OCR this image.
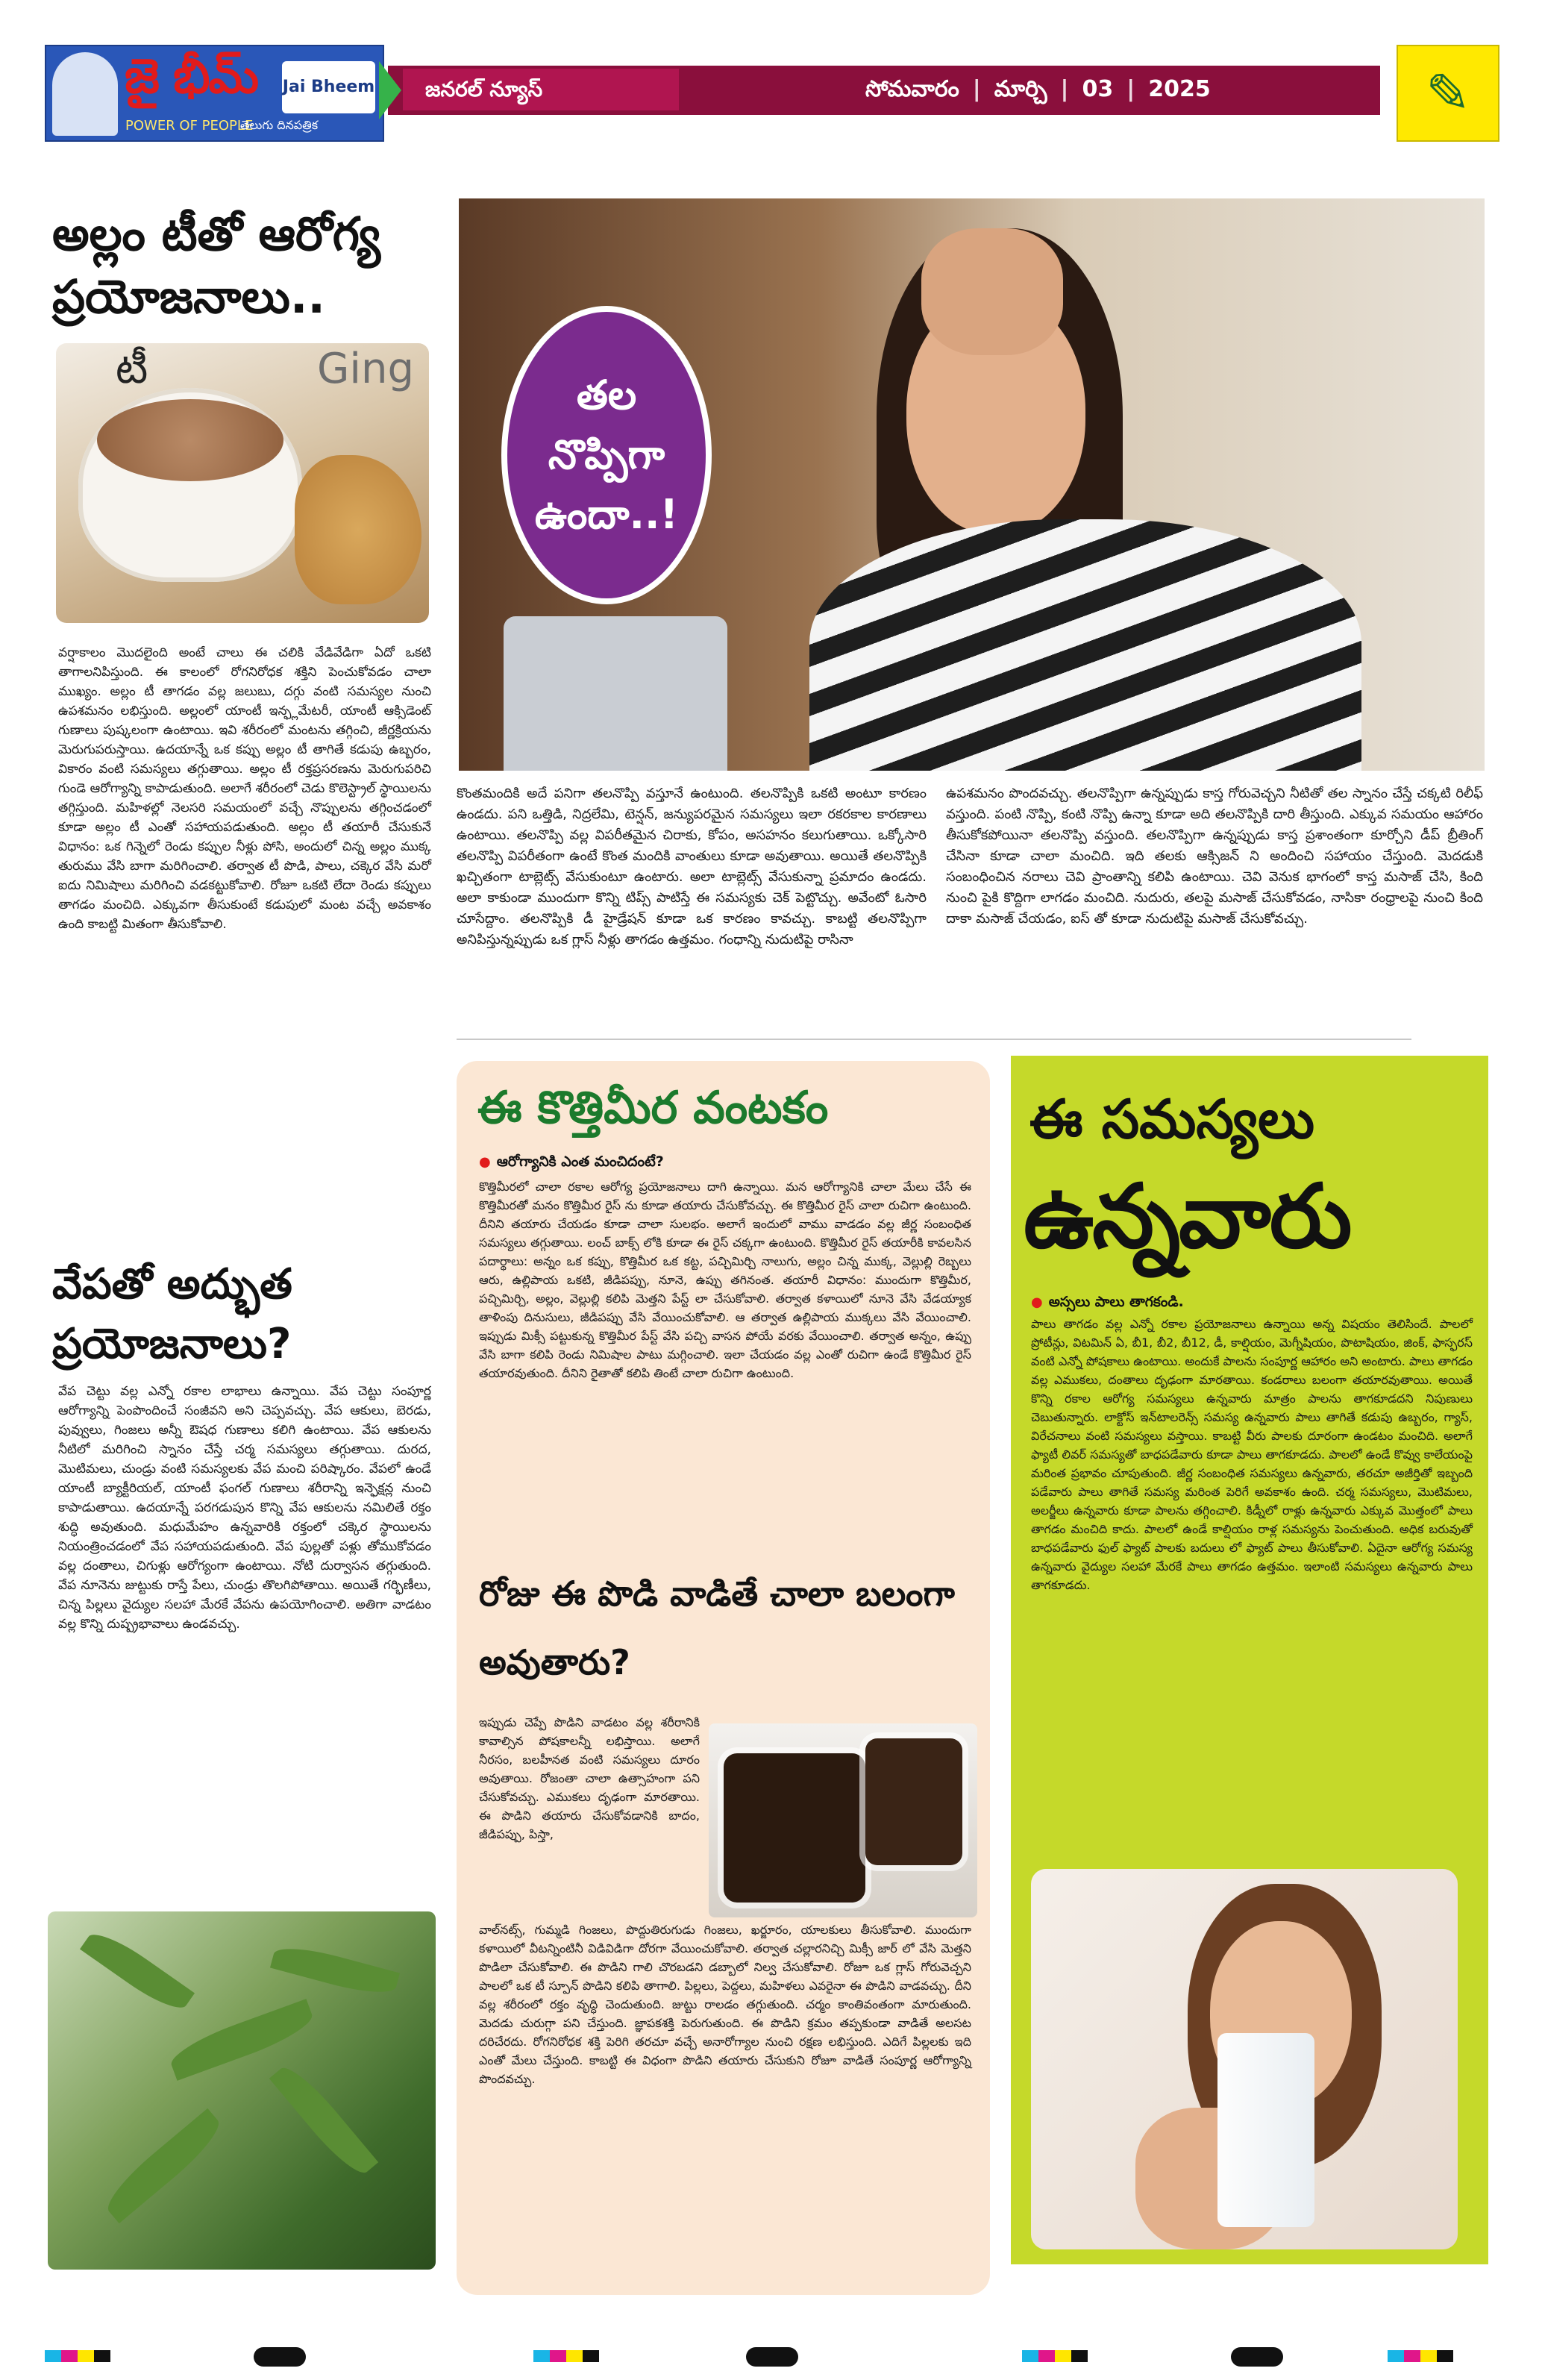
జై భీమ్
POWER OF PEOPLE
తెలుగు దినపత్రిక
Jai Bheem	జనరల్ న్యూస్	సోమవారం | మార్చి | 03 | 2025	✎
అల్లం టీతో ఆరోగ్య ప్రయోజనాలు..
టీ	Ging
వర్షాకాలం మొదలైంది అంటే చాలు ఈ చలికి వేడివేడిగా ఏదో ఒకటి తాగాలనిపిస్తుంది. ఈ కాలంలో రోగనిరోధక శక్తిని పెంచుకోవడం చాలా ముఖ్యం. అల్లం టీ తాగడం వల్ల జలుబు, దగ్గు వంటి సమస్యల నుంచి ఉపశమనం లభిస్తుంది. అల్లంలో యాంటీ ఇన్ఫ్లమేటరీ, యాంటీ ఆక్సిడెంట్ గుణాలు పుష్కలంగా ఉంటాయి. ఇవి శరీరంలో మంటను తగ్గించి, జీర్ణక్రియను మెరుగుపరుస్తాయి. ఉదయాన్నే ఒక కప్పు అల్లం టీ తాగితే కడుపు ఉబ్బరం, వికారం వంటి సమస్యలు తగ్గుతాయి. అల్లం టీ రక్తప్రసరణను మెరుగుపరిచి గుండె ఆరోగ్యాన్ని కాపాడుతుంది. అలాగే శరీరంలో చెడు కొలెస్ట్రాల్ స్థాయిలను తగ్గిస్తుంది. మహిళల్లో నెలసరి సమయంలో వచ్చే నొప్పులను తగ్గించడంలో కూడా అల్లం టీ ఎంతో సహాయపడుతుంది. అల్లం టీ తయారీ చేసుకునే విధానం: ఒక గిన్నెలో రెండు కప్పుల నీళ్లు పోసి, అందులో చిన్న అల్లం ముక్క తురుము వేసి బాగా మరిగించాలి. తర్వాత టీ పొడి, పాలు, చక్కెర వేసి మరో ఐదు నిమిషాలు మరిగించి వడకట్టుకోవాలి. రోజూ ఒకటి లేదా రెండు కప్పులు తాగడం మంచిది. ఎక్కువగా తీసుకుంటే కడుపులో మంట వచ్చే అవకాశం ఉంది కాబట్టి మితంగా తీసుకోవాలి.
వేపతో అద్భుత ప్రయోజనాలు?
వేప చెట్టు వల్ల ఎన్నో రకాల లాభాలు ఉన్నాయి. వేప చెట్టు సంపూర్ణ ఆరోగ్యాన్ని పెంపొందించే సంజీవని అని చెప్పవచ్చు. వేప ఆకులు, బెరడు, పువ్వులు, గింజలు అన్నీ ఔషధ గుణాలు కలిగి ఉంటాయి. వేప ఆకులను నీటిలో మరిగించి స్నానం చేస్తే చర్మ సమస్యలు తగ్గుతాయి. దురద, మొటిమలు, చుండ్రు వంటి సమస్యలకు వేప మంచి పరిష్కారం. వేపలో ఉండే యాంటీ బ్యాక్టీరియల్, యాంటీ ఫంగల్ గుణాలు శరీరాన్ని ఇన్ఫెక్షన్ల నుంచి కాపాడుతాయి. ఉదయాన్నే పరగడుపున కొన్ని వేప ఆకులను నమిలితే రక్తం శుద్ధి అవుతుంది. మధుమేహం ఉన్నవారికి రక్తంలో చక్కెర స్థాయిలను నియంత్రించడంలో వేప సహాయపడుతుంది. వేప పుల్లతో పళ్లు తోముకోవడం వల్ల దంతాలు, చిగుళ్లు ఆరోగ్యంగా ఉంటాయి. నోటి దుర్వాసన తగ్గుతుంది. వేప నూనెను జుట్టుకు రాస్తే పేలు, చుండ్రు తొలగిపోతాయి. అయితే గర్భిణీలు, చిన్న పిల్లలు వైద్యుల సలహా మేరకే వేపను ఉపయోగించాలి. అతిగా వాడటం వల్ల కొన్ని దుష్ప్రభావాలు ఉండవచ్చు.
తల
నొప్పిగా
ఉందా..!
కొంతమందికి అదే పనిగా తలనొప్పి వస్తూనే ఉంటుంది. తలనొప్పికి ఒకటి అంటూ కారణం ఉండదు. పని ఒత్తిడి, నిద్రలేమి, టెన్షన్, జన్యుపరమైన సమస్యలు ఇలా రకరకాల కారణాలు ఉంటాయి. తలనొప్పి వల్ల విపరీతమైన చిరాకు, కోపం, అసహనం కలుగుతాయి. ఒక్కోసారి తలనొప్పి విపరీతంగా ఉంటే కొంత మందికి వాంతులు కూడా అవుతాయి. అయితే తలనొప్పికి ఖచ్చితంగా టాబ్లెట్స్ వేసుకుంటూ ఉంటారు. అలా టాబ్లెట్స్ వేసుకున్నా ప్రమాదం ఉండదు. అలా కాకుండా ముందుగా కొన్ని టిప్స్ పాటిస్తే ఈ సమస్యకు చెక్ పెట్టొచ్చు. అవేంటో ఓసారి చూసేద్దాం. తలనొప్పికి డీ హైడ్రేషన్ కూడా ఒక కారణం కావచ్చు. కాబట్టి తలనొప్పిగా అనిపిస్తున్నప్పుడు ఒక గ్లాస్ నీళ్లు తాగడం ఉత్తమం. గంధాన్ని నుదుటిపై రాసినా
ఉపశమనం పొందవచ్చు. తలనొప్పిగా ఉన్నప్పుడు కాస్త గోరువెచ్చని నీటితో తల స్నానం చేస్తే చక్కటి రిలీఫ్ వస్తుంది. పంటి నొప్పి, కంటి నొప్పి ఉన్నా కూడా అది తలనొప్పికి దారి తీస్తుంది. ఎక్కువ సమయం ఆహారం తీసుకోకపోయినా తలనొప్పి వస్తుంది. తలనొప్పిగా ఉన్నప్పుడు కాస్త ప్రశాంతంగా కూర్చోని డీప్ బ్రీతింగ్ చేసినా కూడా చాలా మంచిది. ఇది తలకు ఆక్సిజన్ ని అందించి సహాయం చేస్తుంది. మెదడుకి సంబంధించిన నరాలు చెవి ప్రాంతాన్ని కలిపి ఉంటాయి. చెవి వెనుక భాగంలో కాస్త మసాజ్ చేసి, కింది నుంచి పైకి కొద్దిగా లాగడం మంచిది. నుదురు, తలపై మసాజ్ చేసుకోవడం, నాసికా రంధ్రాలపై నుంచి కింది దాకా మసాజ్ చేయడం, ఐస్ తో కూడా నుదుటిపై మసాజ్ చేసుకోవచ్చు.
ఈ కొత్తిమీర వంటకం
● ఆరోగ్యానికి ఎంత మంచిదంటే?
కొత్తిమీరలో చాలా రకాల ఆరోగ్య ప్రయోజనాలు దాగి ఉన్నాయి. మన ఆరోగ్యానికి చాలా మేలు చేసే ఈ కొత్తిమీరతో మనం కొత్తిమీర రైస్ ను కూడా తయారు చేసుకోవచ్చు. ఈ కొత్తిమీర రైస్ చాలా రుచిగా ఉంటుంది. దీనిని తయారు చేయడం కూడా చాలా సులభం. అలాగే ఇందులో వాము వాడడం వల్ల జీర్ణ సంబంధిత సమస్యలు తగ్గుతాయి. లంచ్ బాక్స్ లోకి కూడా ఈ రైస్ చక్కగా ఉంటుంది. కొత్తిమీర రైస్ తయారీకి కావలసిన పదార్థాలు: అన్నం ఒక కప్పు, కొత్తిమీర ఒక కట్ట, పచ్చిమిర్చి నాలుగు, అల్లం చిన్న ముక్క, వెల్లుల్లి రెబ్బలు ఆరు, ఉల్లిపాయ ఒకటి, జీడిపప్పు, నూనె, ఉప్పు తగినంత. తయారీ విధానం: ముందుగా కొత్తిమీర, పచ్చిమిర్చి, అల్లం, వెల్లుల్లి కలిపి మెత్తని పేస్ట్ లా చేసుకోవాలి. తర్వాత కళాయిలో నూనె వేసి వేడయ్యాక తాళింపు దినుసులు, జీడిపప్పు వేసి వేయించుకోవాలి. ఆ తర్వాత ఉల్లిపాయ ముక్కలు వేసి వేయించాలి. ఇప్పుడు మిక్సీ పట్టుకున్న కొత్తిమీర పేస్ట్ వేసి పచ్చి వాసన పోయే వరకు వేయించాలి. తర్వాత అన్నం, ఉప్పు వేసి బాగా కలిపి రెండు నిమిషాల పాటు మగ్గించాలి. ఇలా చేయడం వల్ల ఎంతో రుచిగా ఉండే కొత్తిమీర రైస్ తయారవుతుంది. దీనిని రైతాతో కలిపి తింటే చాలా రుచిగా ఉంటుంది.
రోజు ఈ పొడి వాడితే చాలా బలంగా అవుతారు?
ఇప్పుడు చెప్పే పొడిని వాడటం వల్ల శరీరానికి కావాల్సిన పోషకాలన్నీ లభిస్తాయి. అలాగే నీరసం, బలహీనత వంటి సమస్యలు దూరం అవుతాయి. రోజంతా చాలా ఉత్సాహంగా పని చేసుకోవచ్చు. ఎముకలు దృఢంగా మారతాయి. ఈ పొడిని తయారు చేసుకోవడానికి బాదం, జీడిపప్పు, పిస్తా,
వాల్‌నట్స్, గుమ్మడి గింజలు, పొద్దుతిరుగుడు గింజలు, ఖర్జూరం, యాలకులు తీసుకోవాలి. ముందుగా కళాయిలో వీటన్నింటినీ విడివిడిగా దోరగా వేయించుకోవాలి. తర్వాత చల్లారనిచ్చి మిక్సీ జార్ లో వేసి మెత్తని పొడిలా చేసుకోవాలి. ఈ పొడిని గాలి చొరబడని డబ్బాలో నిల్వ చేసుకోవాలి. రోజూ ఒక గ్లాస్ గోరువెచ్చని పాలలో ఒక టీ స్పూన్ పొడిని కలిపి తాగాలి. పిల్లలు, పెద్దలు, మహిళలు ఎవరైనా ఈ పొడిని వాడవచ్చు. దీని వల్ల శరీరంలో రక్తం వృద్ధి చెందుతుంది. జుట్టు రాలడం తగ్గుతుంది. చర్మం కాంతివంతంగా మారుతుంది. మెదడు చురుగ్గా పని చేస్తుంది. జ్ఞాపకశక్తి పెరుగుతుంది. ఈ పొడిని క్రమం తప్పకుండా వాడితే అలసట దరిచేరదు. రోగనిరోధక శక్తి పెరిగి తరచూ వచ్చే అనారోగ్యాల నుంచి రక్షణ లభిస్తుంది. ఎదిగే పిల్లలకు ఇది ఎంతో మేలు చేస్తుంది. కాబట్టి ఈ విధంగా పొడిని తయారు చేసుకుని రోజూ వాడితే సంపూర్ణ ఆరోగ్యాన్ని పొందవచ్చు.
ఈ సమస్యలు
ఉన్నవారు
● అస్సలు పాలు తాగకండి.
పాలు తాగడం వల్ల ఎన్నో రకాల ప్రయోజనాలు ఉన్నాయి అన్న విషయం తెలిసిందే. పాలలో ప్రోటీన్లు, విటమిన్ ఏ, బీ1, బీ2, బీ12, డీ, కాల్షియం, మెగ్నీషియం, పొటాషియం, జింక్, ఫాస్ఫరస్ వంటి ఎన్నో పోషకాలు ఉంటాయి. అందుకే పాలను సంపూర్ణ ఆహారం అని అంటారు. పాలు తాగడం వల్ల ఎముకలు, దంతాలు దృఢంగా మారతాయి. కండరాలు బలంగా తయారవుతాయి. అయితే కొన్ని రకాల ఆరోగ్య సమస్యలు ఉన్నవారు మాత్రం పాలను తాగకూడదని నిపుణులు చెబుతున్నారు. లాక్టోస్ ఇన్‌టాలరెన్స్ సమస్య ఉన్నవారు పాలు తాగితే కడుపు ఉబ్బరం, గ్యాస్, విరేచనాలు వంటి సమస్యలు వస్తాయి. కాబట్టి వీరు పాలకు దూరంగా ఉండటం మంచిది. అలాగే ఫ్యాటీ లివర్ సమస్యతో బాధపడేవారు కూడా పాలు తాగకూడదు. పాలలో ఉండే కొవ్వు కాలేయంపై మరింత ప్రభావం చూపుతుంది. జీర్ణ సంబంధిత సమస్యలు ఉన్నవారు, తరచూ అజీర్తితో ఇబ్బంది పడేవారు పాలు తాగితే సమస్య మరింత పెరిగే అవకాశం ఉంది. చర్మ సమస్యలు, మొటిమలు, అలర్జీలు ఉన్నవారు కూడా పాలను తగ్గించాలి. కిడ్నీలో రాళ్లు ఉన్నవారు ఎక్కువ మొత్తంలో పాలు తాగడం మంచిది కాదు. పాలలో ఉండే కాల్షియం రాళ్ల సమస్యను పెంచుతుంది. అధిక బరువుతో బాధపడేవారు ఫుల్ ఫ్యాట్ పాలకు బదులు లో ఫ్యాట్ పాలు తీసుకోవాలి. ఏదైనా ఆరోగ్య సమస్య ఉన్నవారు వైద్యుల సలహా మేరకే పాలు తాగడం ఉత్తమం. ఇలాంటి సమస్యలు ఉన్నవారు పాలు తాగకూడదు.
